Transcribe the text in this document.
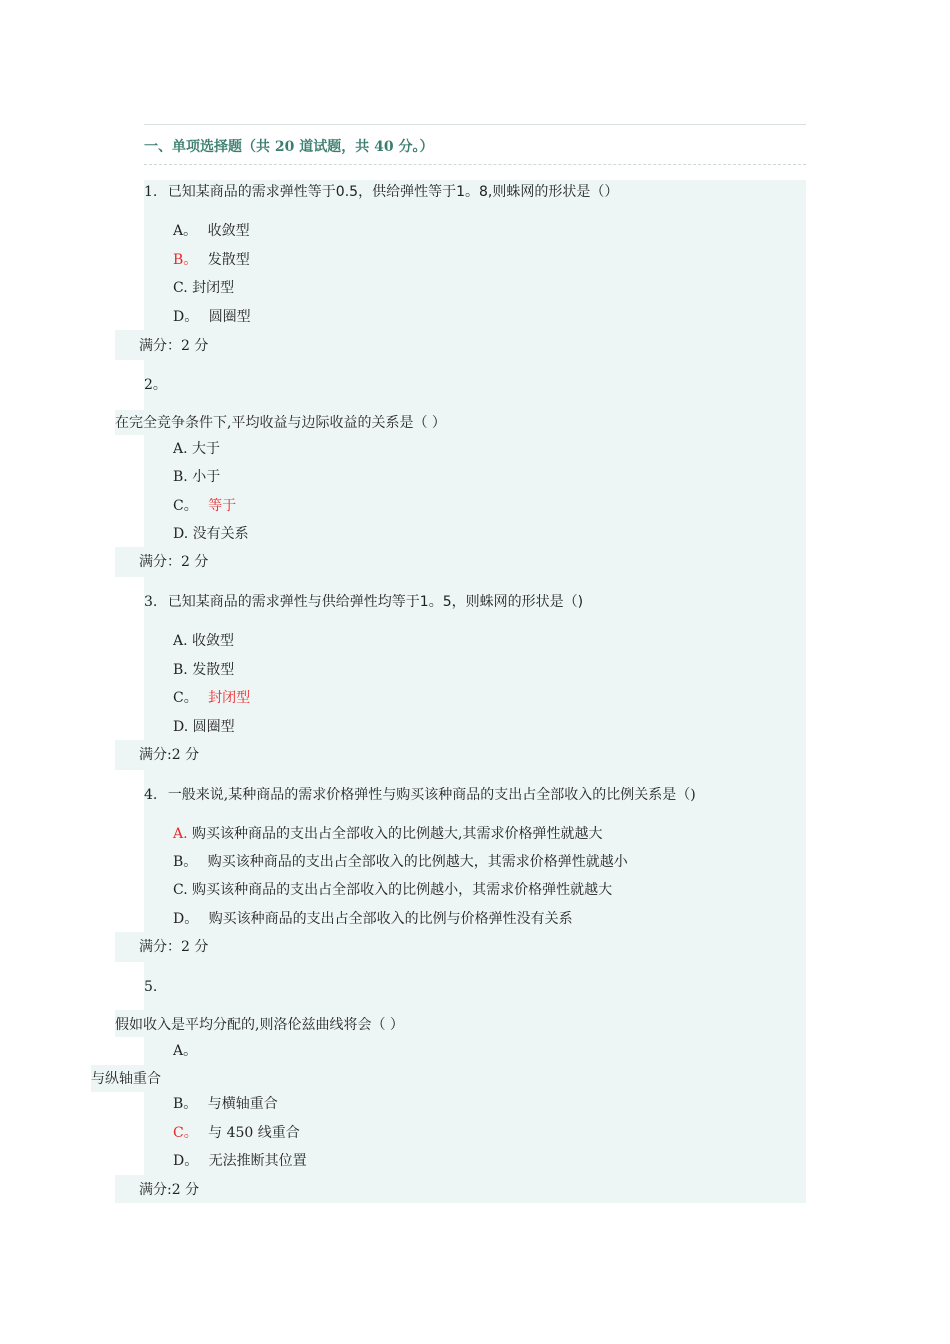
一、单项选择题（共 20 道试题，共 40 分。）
1. 已知某商品的需求弹性等于0.5，供给弹性等于1。8,则蛛网的形状是（）
A。 收敛型
B。 发散型
C. 封闭型
D。 圆圈型
满分：2 分
2。
在完全竞争条件下,平均收益与边际收益的关系是（ ）
A. 大于
B. 小于
C。 等于
D. 没有关系
满分：2 分
3. 已知某商品的需求弹性与供给弹性均等于1。5，则蛛网的形状是（)
A. 收敛型
B. 发散型
C。 封闭型
D. 圆圈型
满分:2 分
4. 一般来说,某种商品的需求价格弹性与购买该种商品的支出占全部收入的比例关系是（)
A. 购买该种商品的支出占全部收入的比例越大,其需求价格弹性就越大
B。 购买该种商品的支出占全部收入的比例越大，其需求价格弹性就越小
C. 购买该种商品的支出占全部收入的比例越小，其需求价格弹性就越大
D。 购买该种商品的支出占全部收入的比例与价格弹性没有关系
满分：2 分
5.
假如收入是平均分配的,则洛伦兹曲线将会（ ）
A。
与纵轴重合
B。 与横轴重合
C。 与 450 线重合
D。 无法推断其位置
满分:2 分
